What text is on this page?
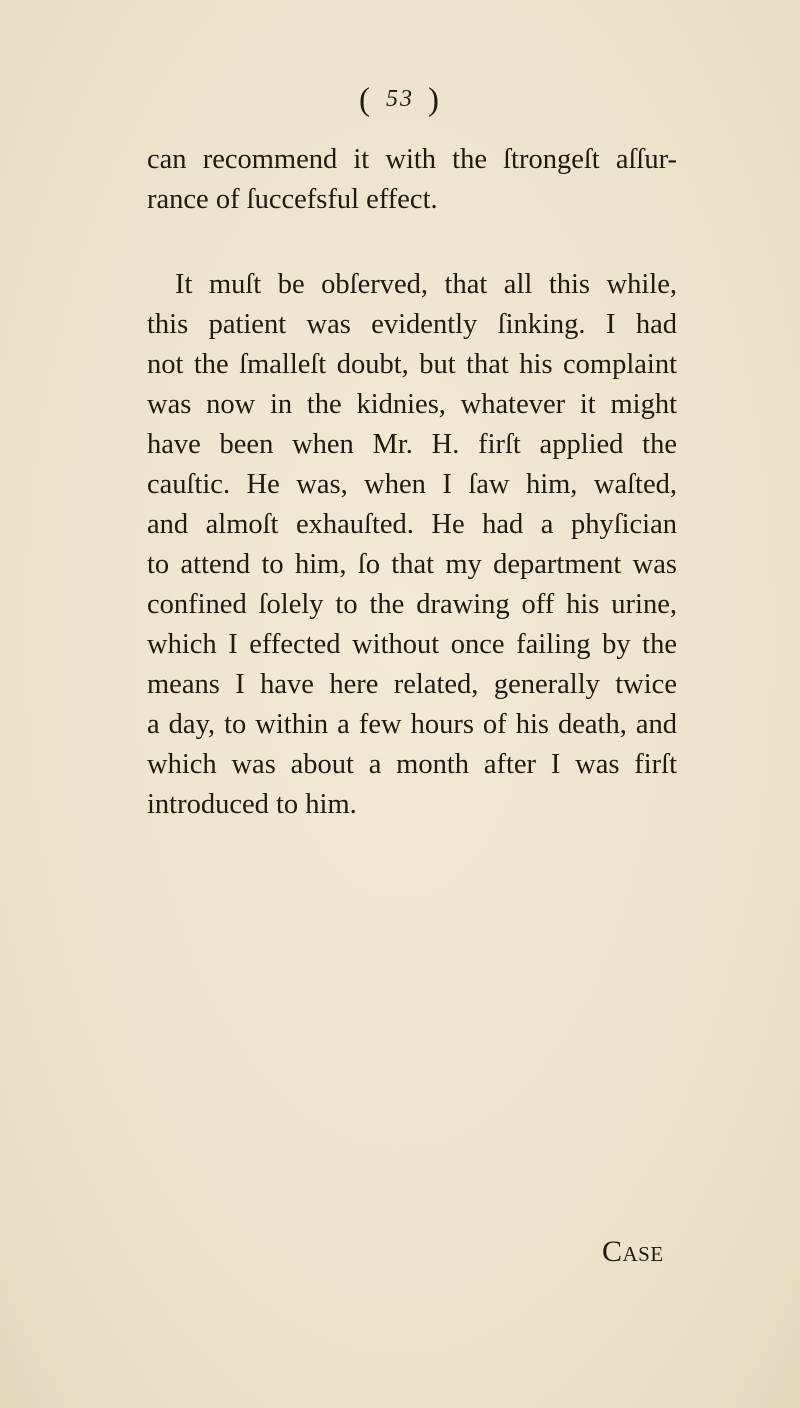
( 53 )
can recommend it with the ſtrongeſt aſſur-
rance of ſuccefsful effect.
It muſt be obſerved, that all this while,
this patient was evidently ſinking. I had
not the ſmalleſt doubt, but that his complaint
was now in the kidnies, whatever it might
have been when Mr. H. firſt applied the
cauſtic. He was, when I ſaw him, waſted,
and almoſt exhauſted. He had a phyſician
to attend to him, ſo that my department was
confined ſolely to the drawing off his urine,
which I effected without once failing by the
means I have here related, generally twice
a day, to within a few hours of his death, and
which was about a month after I was firſt
introduced to him.
Case
